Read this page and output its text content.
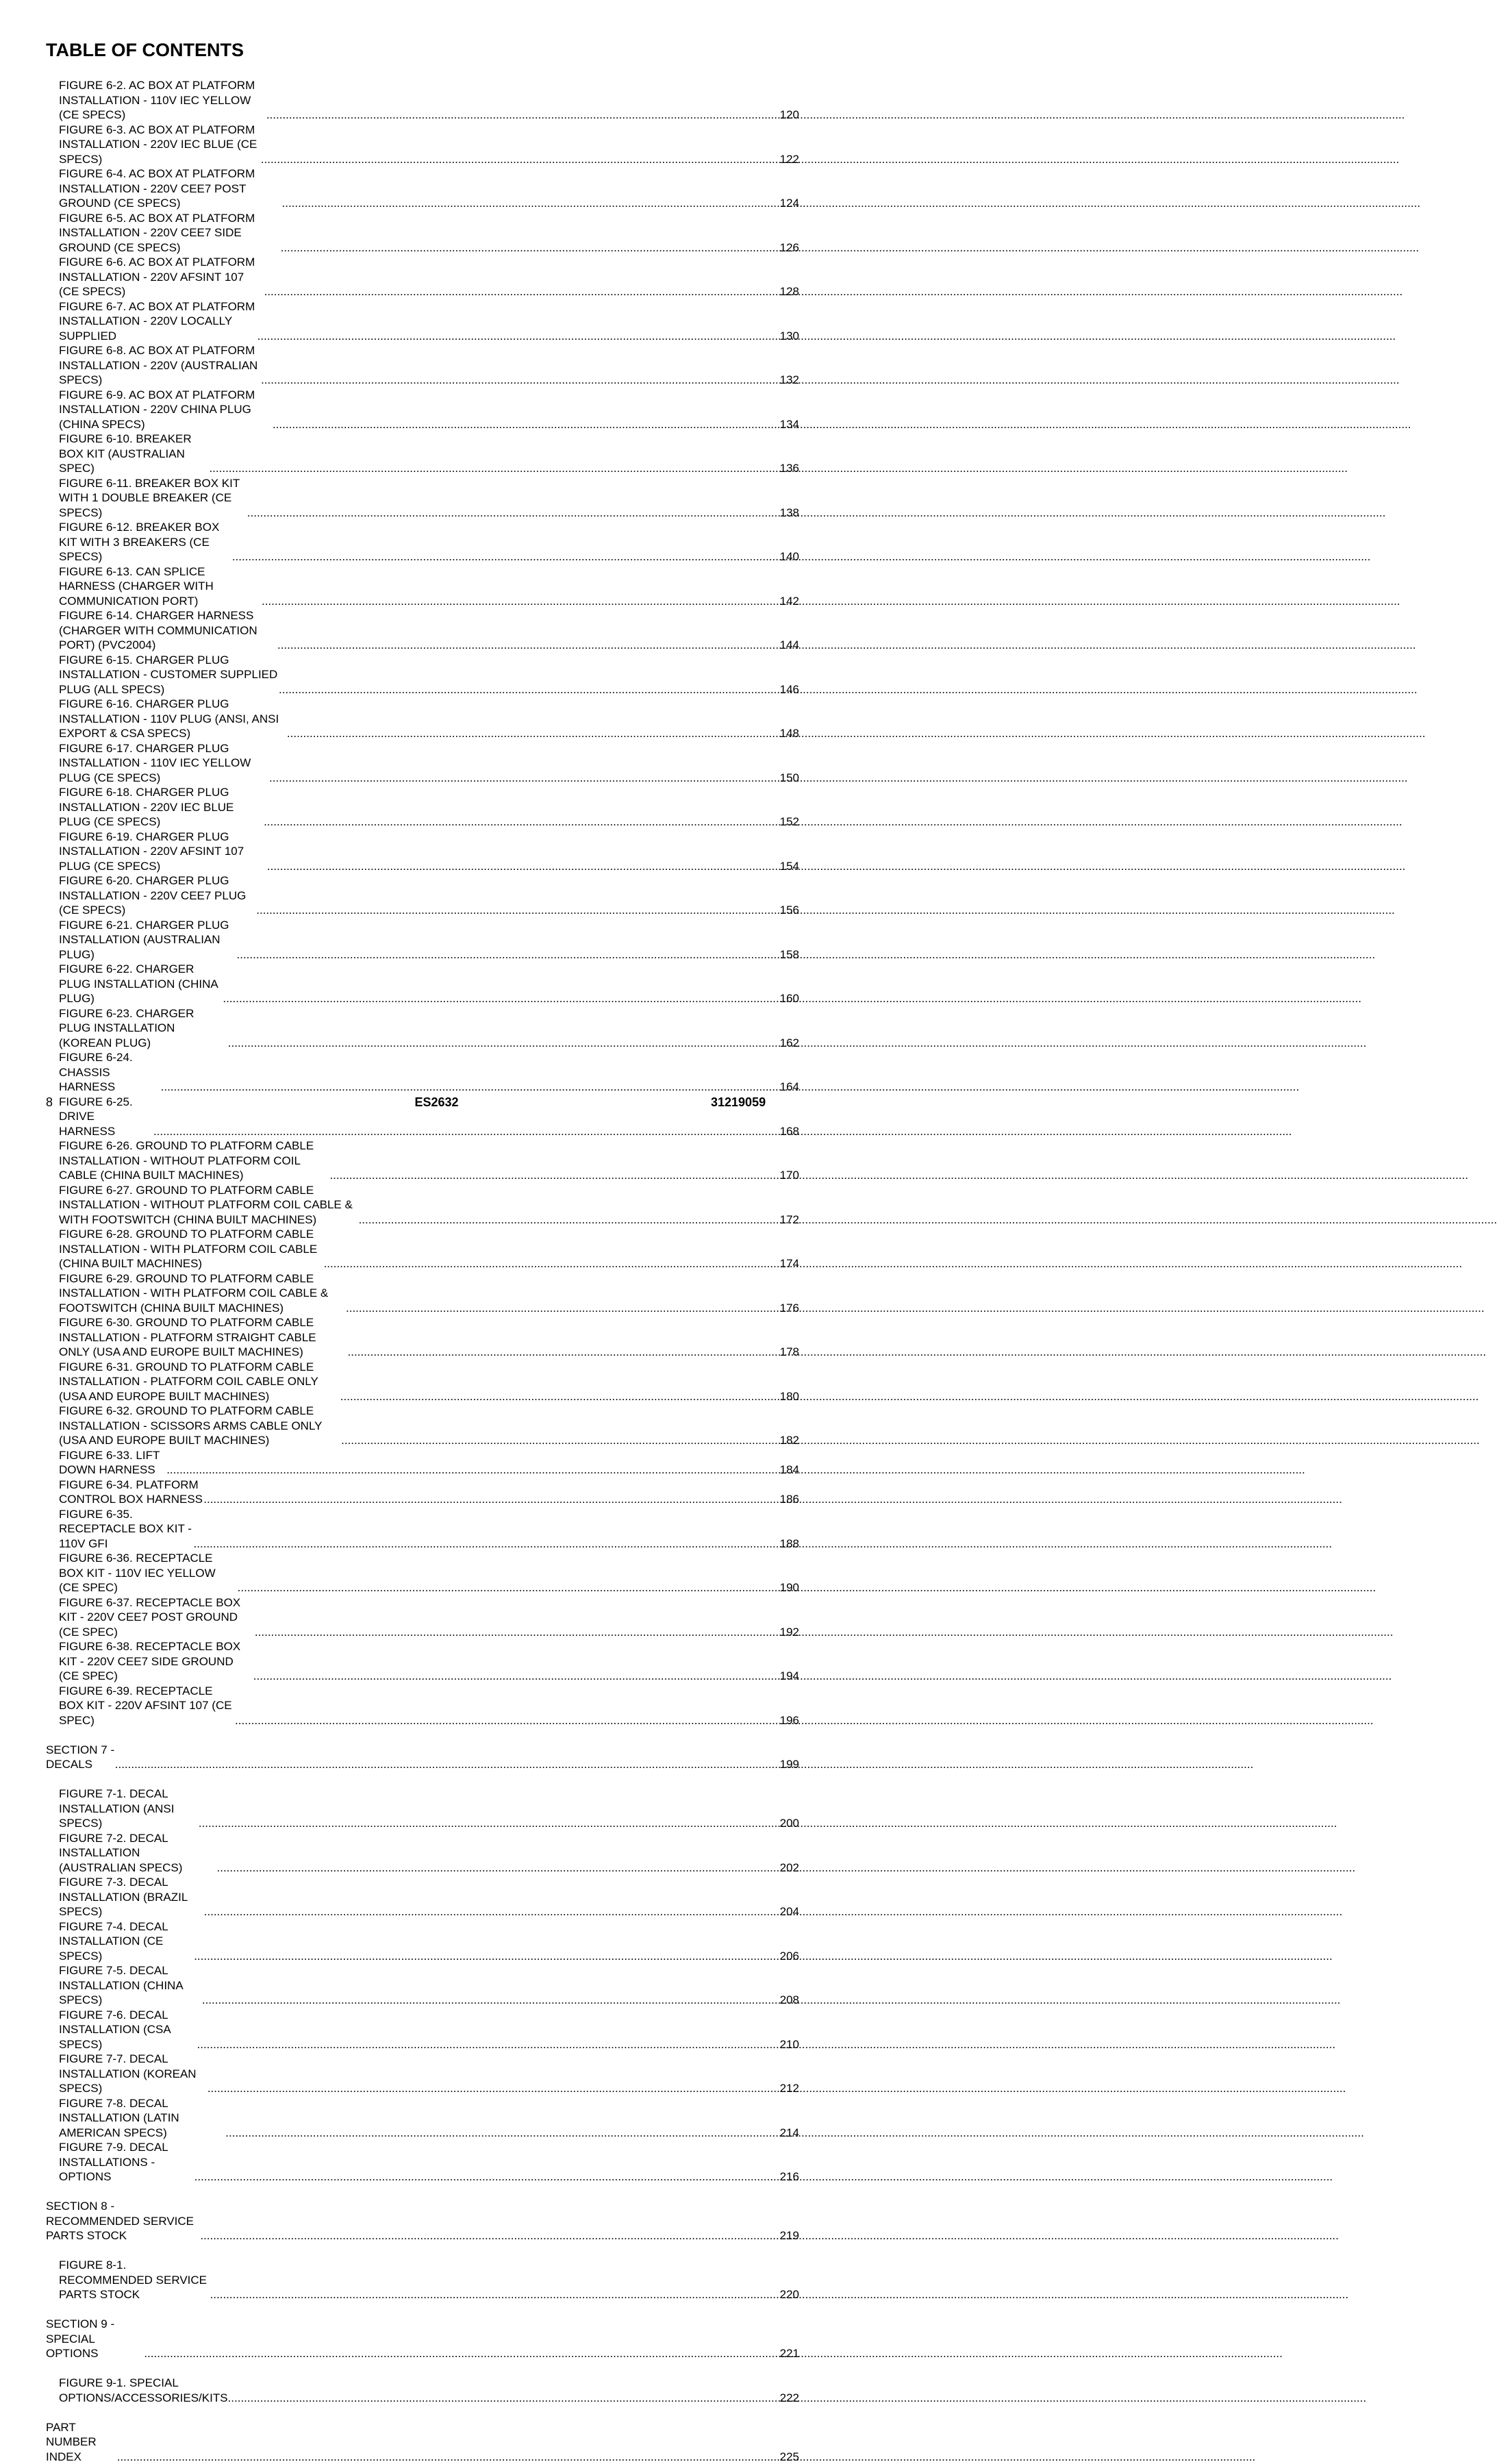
TABLE OF CONTENTS
FIGURE 6-2. AC BOX AT PLATFORM INSTALLATION - 110V IEC YELLOW (CE SPECS) .....	120
FIGURE 6-3. AC BOX AT PLATFORM INSTALLATION - 220V IEC BLUE (CE SPECS) .....	122
FIGURE 6-4. AC BOX AT PLATFORM INSTALLATION - 220V CEE7 POST GROUND (CE SPECS) .....	124
FIGURE 6-5. AC BOX AT PLATFORM INSTALLATION - 220V CEE7 SIDE GROUND (CE SPECS) .....	126
FIGURE 6-6. AC BOX AT PLATFORM INSTALLATION - 220V AFSINT 107 (CE SPECS) .....	128
FIGURE 6-7. AC BOX AT PLATFORM INSTALLATION - 220V LOCALLY SUPPLIED .....	130
FIGURE 6-8. AC BOX AT PLATFORM INSTALLATION - 220V (AUSTRALIAN SPECS) .....	132
FIGURE 6-9. AC BOX AT PLATFORM INSTALLATION - 220V CHINA PLUG (CHINA SPECS) .....	134
FIGURE 6-10. BREAKER BOX KIT (AUSTRALIAN SPEC) .....	136
FIGURE 6-11. BREAKER BOX KIT WITH 1 DOUBLE BREAKER (CE SPECS) .....	138
FIGURE 6-12. BREAKER BOX KIT WITH 3 BREAKERS (CE SPECS) .....	140
FIGURE 6-13. CAN SPLICE HARNESS (CHARGER WITH COMMUNICATION PORT) .....	142
FIGURE 6-14. CHARGER HARNESS (CHARGER WITH COMMUNICATION PORT) (PVC2004) .....	144
FIGURE 6-15. CHARGER PLUG INSTALLATION - CUSTOMER SUPPLIED PLUG (ALL SPECS) .....	146
FIGURE 6-16. CHARGER PLUG INSTALLATION - 110V PLUG (ANSI, ANSI EXPORT & CSA SPECS) .....	148
FIGURE 6-17. CHARGER PLUG INSTALLATION - 110V IEC YELLOW PLUG (CE SPECS) .....	150
FIGURE 6-18. CHARGER PLUG INSTALLATION - 220V IEC BLUE PLUG (CE SPECS) .....	152
FIGURE 6-19. CHARGER PLUG INSTALLATION - 220V AFSINT 107 PLUG (CE SPECS) .....	154
FIGURE 6-20. CHARGER PLUG INSTALLATION - 220V CEE7 PLUG (CE SPECS) .....	156
FIGURE 6-21. CHARGER PLUG INSTALLATION (AUSTRALIAN PLUG) .....	158
FIGURE 6-22. CHARGER PLUG INSTALLATION (CHINA PLUG) .....	160
FIGURE 6-23. CHARGER PLUG INSTALLATION (KOREAN PLUG) .....	162
FIGURE 6-24. CHASSIS HARNESS .....	164
FIGURE 6-25. DRIVE HARNESS .....	168
FIGURE 6-26. GROUND TO PLATFORM CABLE INSTALLATION - WITHOUT PLATFORM COIL CABLE (CHINA BUILT MACHINES) .....	170
FIGURE 6-27. GROUND TO PLATFORM CABLE INSTALLATION - WITHOUT PLATFORM COIL CABLE & WITH FOOTSWITCH (CHINA BUILT MACHINES) .....	172
FIGURE 6-28. GROUND TO PLATFORM CABLE INSTALLATION - WITH PLATFORM COIL CABLE (CHINA BUILT MACHINES) .....	174
FIGURE 6-29. GROUND TO PLATFORM CABLE INSTALLATION - WITH PLATFORM COIL CABLE & FOOTSWITCH (CHINA BUILT MACHINES) .....	176
FIGURE 6-30. GROUND TO PLATFORM CABLE INSTALLATION - PLATFORM STRAIGHT CABLE ONLY (USA AND EUROPE BUILT MACHINES) .....	178
FIGURE 6-31. GROUND TO PLATFORM CABLE INSTALLATION - PLATFORM COIL CABLE ONLY (USA AND EUROPE BUILT MACHINES) .....	180
FIGURE 6-32. GROUND TO PLATFORM CABLE INSTALLATION - SCISSORS ARMS CABLE ONLY (USA AND EUROPE BUILT MACHINES) .....	182
FIGURE 6-33. LIFT DOWN HARNESS .....	184
FIGURE 6-34. PLATFORM CONTROL BOX HARNESS .....	186
FIGURE 6-35. RECEPTACLE BOX KIT - 110V GFI .....	188
FIGURE 6-36. RECEPTACLE BOX KIT - 110V IEC YELLOW (CE SPEC) .....	190
FIGURE 6-37. RECEPTACLE BOX KIT - 220V CEE7 POST GROUND (CE SPEC) .....	192
FIGURE 6-38. RECEPTACLE BOX KIT - 220V CEE7 SIDE GROUND (CE SPEC) .....	194
FIGURE 6-39. RECEPTACLE BOX KIT - 220V AFSINT 107 (CE SPEC) .....	196
SECTION 7 - DECALS .....	199
FIGURE 7-1. DECAL INSTALLATION (ANSI SPECS) .....	200
FIGURE 7-2. DECAL INSTALLATION (AUSTRALIAN SPECS) .....	202
FIGURE 7-3. DECAL INSTALLATION (BRAZIL SPECS) .....	204
FIGURE 7-4. DECAL INSTALLATION (CE SPECS) .....	206
FIGURE 7-5. DECAL INSTALLATION (CHINA SPECS) .....	208
FIGURE 7-6. DECAL INSTALLATION (CSA SPECS) .....	210
FIGURE 7-7. DECAL INSTALLATION (KOREAN SPECS) .....	212
FIGURE 7-8. DECAL INSTALLATION (LATIN AMERICAN SPECS) .....	214
FIGURE 7-9. DECAL INSTALLATIONS - OPTIONS .....	216
SECTION 8 - RECOMMENDED SERVICE PARTS STOCK .....	219
FIGURE 8-1. RECOMMENDED SERVICE PARTS STOCK .....	220
SECTION 9 - SPECIAL OPTIONS .....	221
FIGURE 9-1. SPECIAL OPTIONS/ACCESSORIES/KITS .....	222
PART NUMBER INDEX .....	225
8	ES2632	31219059
